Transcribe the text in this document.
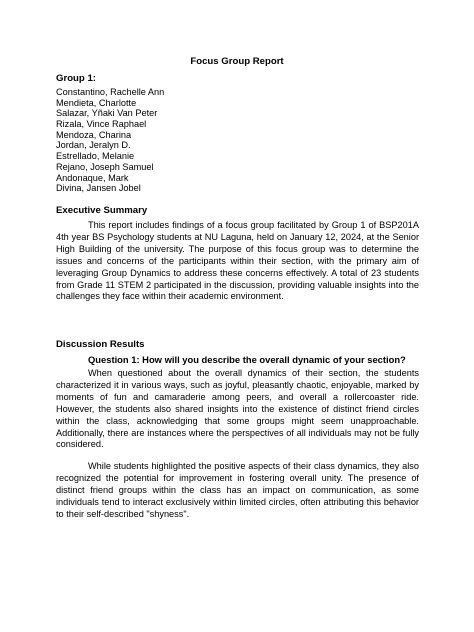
Focus Group Report
Group 1:
Constantino, Rachelle Ann
Mendieta, Charlotte
Salazar, Yñaki Van Peter
Rizala, Vince Raphael
Mendoza, Charina
Jordan, Jeralyn D.
Estrellado, Melanie
Rejano, Joseph Samuel
Andonaque, Mark
Divina, Jansen Jobel
Executive Summary

This report includes findings of a focus group facilitated by Group 1 of BSP201A 4th year BS Psychology students at NU Laguna, held on January 12, 2024, at the Senior High Building of the university. The purpose of this focus group was to determine the issues and concerns of the participants within their section, with the primary aim of leveraging Group Dynamics to address these concerns effectively. A total of 23 students from Grade 11 STEM 2 participated in the discussion, providing valuable insights into the challenges they face within their academic environment.

Discussion Results
Question 1: How will you describe the overall dynamic of your section?

When questioned about the overall dynamics of their section, the students characterized it in various ways, such as joyful, pleasantly chaotic, enjoyable, marked by moments of fun and camaraderie among peers, and overall a rollercoaster ride. However, the students also shared insights into the existence of distinct friend circles within the class, acknowledging that some groups might seem unapproachable. Additionally, there are instances where the perspectives of all individuals may not be fully considered.

While students highlighted the positive aspects of their class dynamics, they also recognized the potential for improvement in fostering overall unity. The presence of distinct friend groups within the class has an impact on communication, as some individuals tend to interact exclusively within limited circles, often attributing this behavior to their self-described "shyness".
